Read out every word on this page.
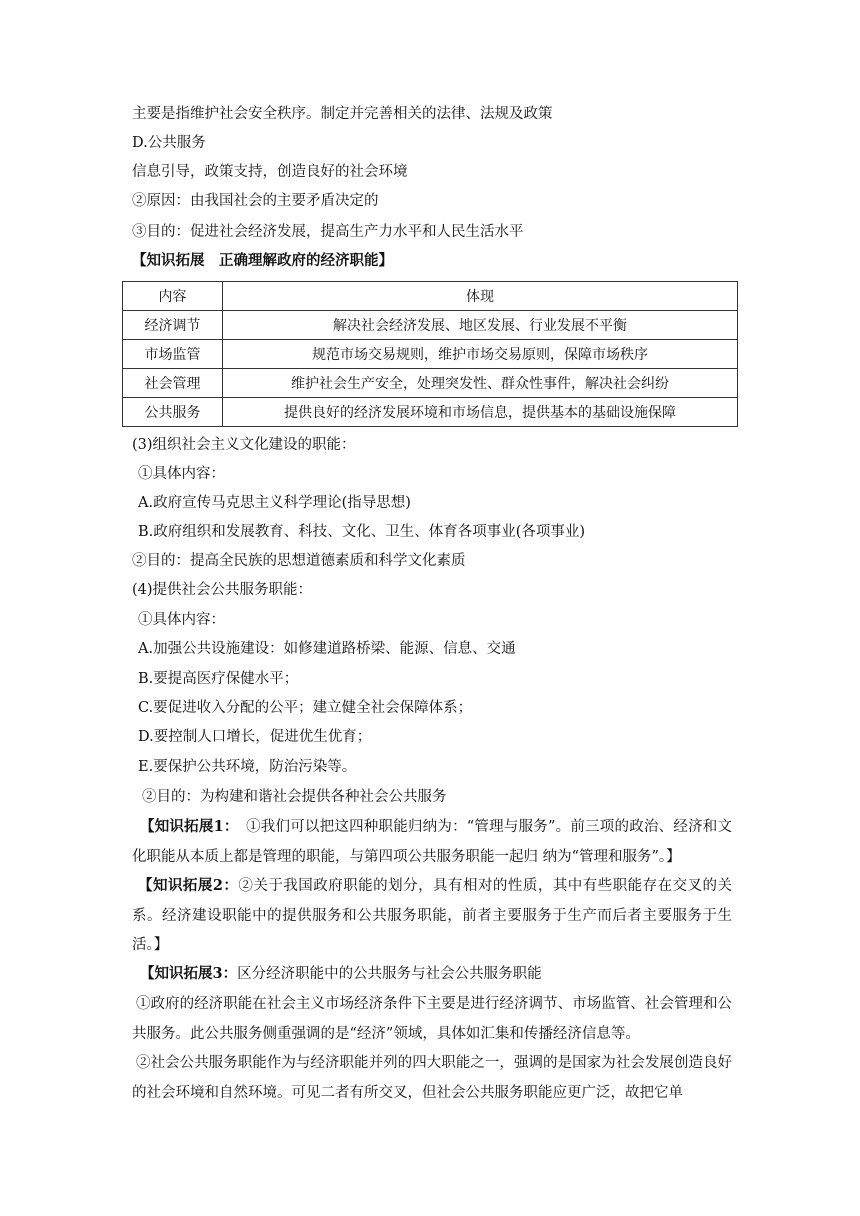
主要是指维护社会安全秩序。制定并完善相关的法律、法规及政策
D.公共服务
信息引导，政策支持，创造良好的社会环境
②原因：由我国社会的主要矛盾决定的
③目的：促进社会经济发展，提高生产力水平和人民生活水平
【知识拓展　正确理解政府的经济职能】
内容	体现
经济调节	解决社会经济发展、地区发展、行业发展不平衡
市场监管	规范市场交易规则，维护市场交易原则，保障市场秩序
社会管理	维护社会生产安全，处理突发性、群众性事件，解决社会纠纷
公共服务	提供良好的经济发展环境和市场信息，提供基本的基础设施保障
(3)组织社会主义文化建设的职能：
①具体内容：
A.政府宣传马克思主义科学理论(指导思想)
B.政府组织和发展教育、科技、文化、卫生、体育各项事业(各项事业)
②目的：提高全民族的思想道德素质和科学文化素质
(4)提供社会公共服务职能：
①具体内容：
A.加强公共设施建设：如修建道路桥梁、能源、信息、交通
B.要提高医疗保健水平；
C.要促进收入分配的公平；建立健全社会保障体系；
D.要控制人口增长，促进优生优育；
E.要保护公共环境，防治污染等。
②目的：为构建和谐社会提供各种社会公共服务
【知识拓展1：　①我们可以把这四种职能归纳为：“管理与服务”。前三项的政治、经济和文化职能从本质上都是管理的职能，与第四项公共服务职能一起归 纳为“管理和服务”。】
【知识拓展2：②关于我国政府职能的划分，具有相对的性质，其中有些职能存在交叉的关系。经济建设职能中的提供服务和公共服务职能，前者主要服务于生产而后者主要服务于生活。】
【知识拓展3：区分经济职能中的公共服务与社会公共服务职能
①政府的经济职能在社会主义市场经济条件下主要是进行经济调节、市场监管、社会管理和公共服务。此公共服务侧重强调的是“经济”领域，具体如汇集和传播经济信息等。
②社会公共服务职能作为与经济职能并列的四大职能之一，强调的是国家为社会发展创造良好的社会环境和自然环境。可见二者有所交叉，但社会公共服务职能应更广泛，故把它单
